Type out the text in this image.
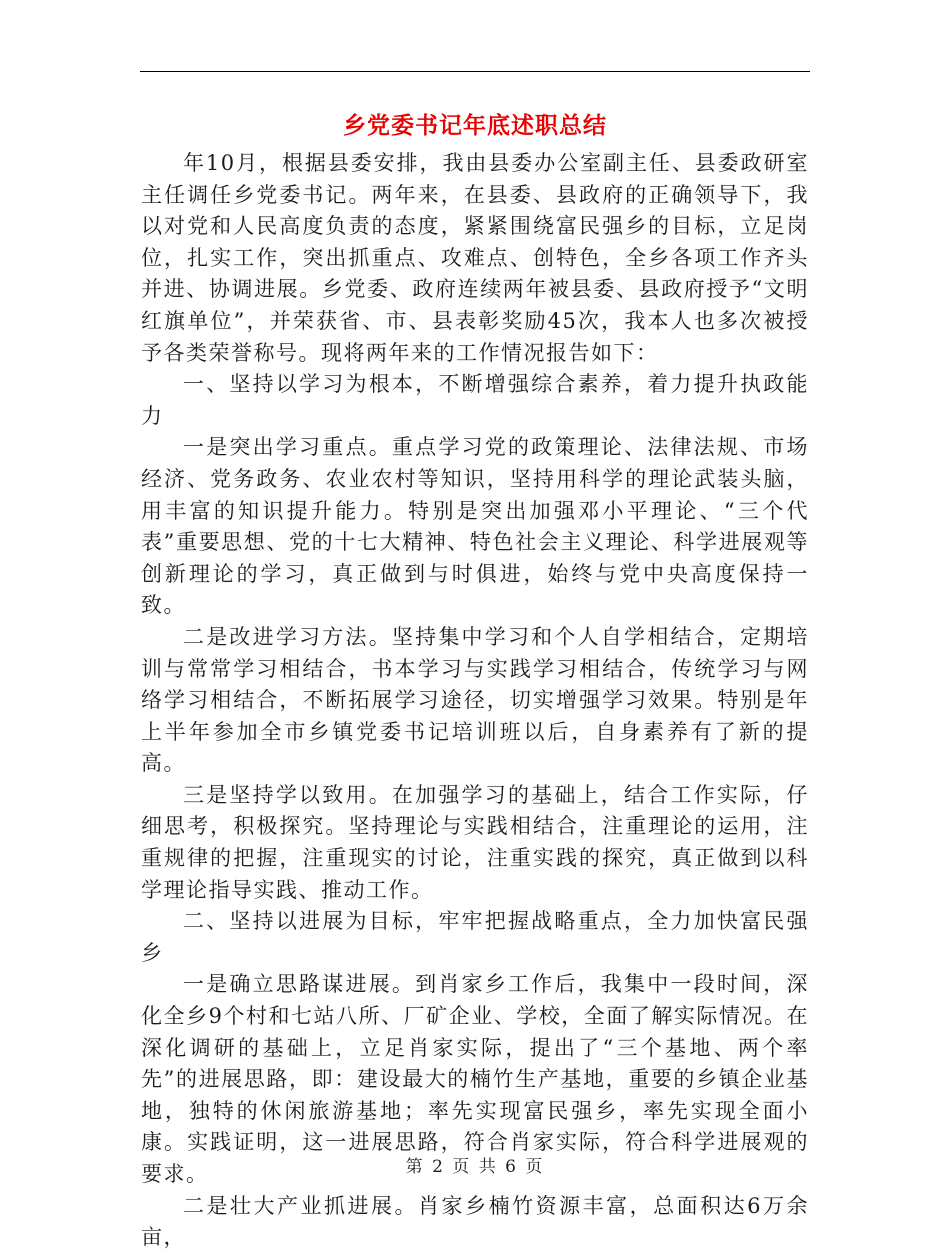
乡党委书记年底述职总结

年10月，根据县委安排，我由县委办公室副主任、县委政研室主任调任乡党委书记。两年来，在县委、县政府的正确领导下，我以对党和人民高度负责的态度，紧紧围绕富民强乡的目标，立足岗位，扎实工作，突出抓重点、攻难点、创特色，全乡各项工作齐头并进、协调进展。乡党委、政府连续两年被县委、县政府授予“文明红旗单位”，并荣获省、市、县表彰奖励45次，我本人也多次被授予各类荣誉称号。现将两年来的工作情况报告如下：

一、坚持以学习为根本，不断增强综合素养，着力提升执政能力

一是突出学习重点。重点学习党的政策理论、法律法规、市场经济、党务政务、农业农村等知识，坚持用科学的理论武装头脑，用丰富的知识提升能力。特别是突出加强邓小平理论、“三个代表”重要思想、党的十七大精神、特色社会主义理论、科学进展观等创新理论的学习，真正做到与时俱进，始终与党中央高度保持一致。

二是改进学习方法。坚持集中学习和个人自学相结合，定期培训与常常学习相结合，书本学习与实践学习相结合，传统学习与网络学习相结合，不断拓展学习途径，切实增强学习效果。特别是年上半年参加全市乡镇党委书记培训班以后，自身素养有了新的提高。

三是坚持学以致用。在加强学习的基础上，结合工作实际，仔细思考，积极探究。坚持理论与实践相结合，注重理论的运用，注重规律的把握，注重现实的讨论，注重实践的探究，真正做到以科学理论指导实践、推动工作。

二、坚持以进展为目标，牢牢把握战略重点，全力加快富民强乡

一是确立思路谋进展。到肖家乡工作后，我集中一段时间，深化全乡9个村和七站八所、厂矿企业、学校，全面了解实际情况。在深化调研的基础上，立足肖家实际，提出了“三个基地、两个率先”的进展思路，即：建设最大的楠竹生产基地，重要的乡镇企业基地，独特的休闲旅游基地；率先实现富民强乡，率先实现全面小康。实践证明，这一进展思路，符合肖家实际，符合科学进展观的要求。

二是壮大产业抓进展。肖家乡楠竹资源丰富，总面积达6万余亩，

第 2 页 共 6 页
